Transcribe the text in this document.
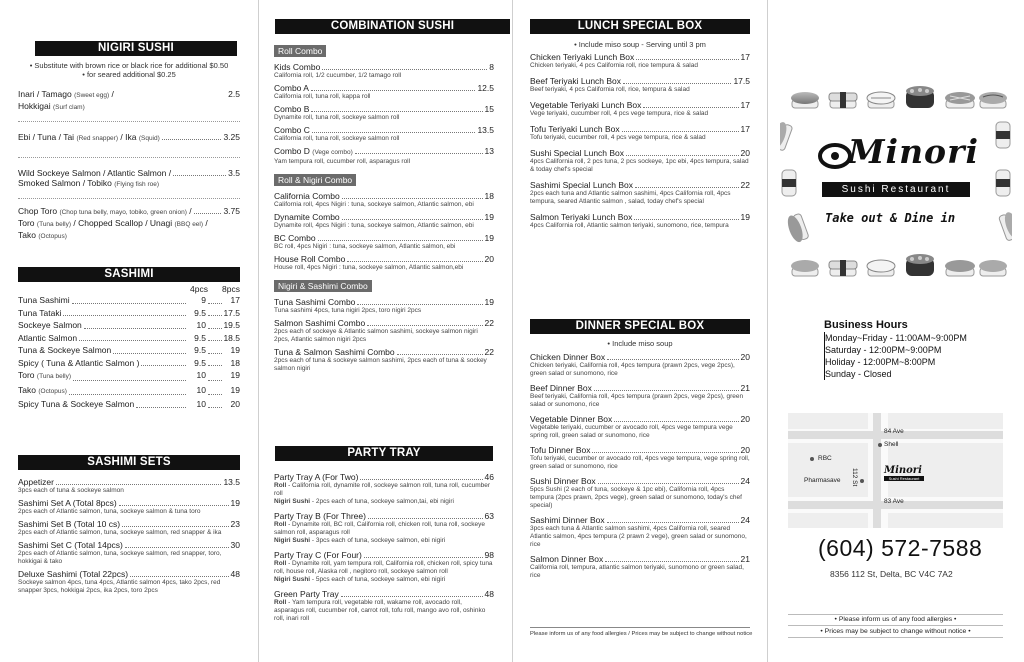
NIGIRI SUSHI
• Substitute with brown rice or black rice for additional $0.50
• for seared additional $0.25
Inari / Tamago (Sweet egg) /	2.5
Hokkigai (Surf clam)
Ebi / Tuna / Tai (Red snapper) / Ika (Squid)	3.25
Wild Sockeye Salmon / Atlantic Salmon /	3.5
Smoked Salmon / Tobiko (Flying fish roe)
Chop Toro (Chop tuna belly, mayo, tobiko, green onion) /	3.75
Toro (Tuna belly) / Chopped Scallop / Unagi (BBQ eel) /
Tako (Octopus)
SASHIMI
4pcs	8pcs
Tuna Sashimi	9	17
Tuna Tataki	9.5 17.5
Sockeye Salmon	10 19.5
Atlantic Salmon	9.5 18.5
Tuna & Sockeye Salmon	9.5	19
Spicy ( Tuna & Atlantic Salmon )	9.5	18
Toro (Tuna belly)	10	19
Tako (Octopus)	10	19
Spicy Tuna & Sockeye Salmon	10	20
SASHIMI SETS
Appetizer	13.5
3pcs each of tuna & sockeye salmon
Sashimi Set A (Total 8pcs)	19
2pcs each of Atlantic salmon, tuna, sockeye salmon & tuna toro
Sashimi Set B (Total 10 cs)	23
2pcs each of Atlantic salmon, tuna, sockeye salmon, red snapper & ika
Sashimi Set C (Total 14pcs)	30
2pcs each of Atlantic salmon, tuna, sockeye salmon, red snapper, toro, hokkigai & tako
Deluxe Sashimi (Total 22pcs)	48
Sockeye salmon 4pcs, tuna 4pcs, Atlantic salmon 4pcs, tako 2pcs, red snapper 3pcs, hokkigai 2pcs, ika 2pcs, toro 2pcs
COMBINATION SUSHI
Roll Combo
Kids Combo	8
California roll, 1/2 cucumber, 1/2 tamago roll
Combo A	12.5
California roll, tuna roll, kappa roll
Combo B	15
Dynamite roll, tuna roll, sockeye salmon roll
Combo C	13.5
California roll, tuna roll, sockeye salmon roll
Combo D (Vege combo)	13
Yam tempura roll, cucumber roll, asparagus roll
Roll & Nigiri Combo
California Combo	18
California roll, 4pcs Nigiri : tuna, sockeye salmon, Atlantic salmon, ebi
Dynamite Combo	19
Dynamite roll, 4pcs Nigiri : tuna, sockeye salmon, Atlantic salmon, ebi
BC Combo	19
BC roll, 4pcs Nigiri : tuna, sockeye salmon, Atlantic salmon, ebi
House Roll Combo	20
House roll, 4pcs Nigiri : tuna, sockeye salmon, Atlantic salmon,ebi
Nigiri & Sashimi Combo
Tuna Sashimi Combo	19
Tuna sashimi 4pcs, tuna nigiri 2pcs, toro nigiri 2pcs
Salmon Sashimi Combo	22
2pcs each of sockeye & Atlantic salmon sashimi, sockeye salmon nigiri 2pcs, Atlantic salmon nigiri 2pcs
Tuna & Salmon Sashimi Combo	22
2pcs each of tuna & sockeye salmon sashimi, 2pcs each of tuna & sockey salmon nigiri
PARTY TRAY
Party Tray A (For Two)	46
Roll - California roll, dynamite roll, sockeye salmon roll, tuna roll, cucumber roll
Nigiri Sushi - 2pcs each of tuna, sockeye salmon,tai, ebi nigiri
Party Tray B (For Three)	63
Roll - Dynamite roll, BC roll, California roll, chicken roll, tuna roll, sockeye salmon roll, asparagus roll
Nigiri Sushi - 3pcs each of tuna, sockeye salmon, ebi nigiri
Party Tray C (For Four)	98
Roll - Dynamite roll, yam tempura roll, California roll, chicken roll, spicy tuna roll, house roll, Alaska roll , negitoro roll, sockeye salmon roll
Nigiri Sushi - 5pcs each of tuna, sockeye salmon, ebi nigiri
Green Party Tray	48
Roll - Yam tempura roll, vegetable roll, wakame roll, avocado roll, asparagus roll, cucumber roll, carrot roll, tofu roll, mango avo roll, oshinko roll, inari roll
LUNCH SPECIAL BOX
• Include miso soup - Serving until 3 pm
Chicken Teriyaki Lunch Box	17
Chicken teriyaki, 4 pcs California roll, rice tempura & salad
Beef Teriyaki Lunch Box	17.5
Beef teriyaki, 4 pcs California roll, rice, tempura & salad
Vegetable Teriyaki Lunch Box	17
Vege teriyaki, cucumber roll, 4 pcs vege tempura, rice & salad
Tofu Teriyaki Lunch Box	17
Tofu teriyaki, cucumber roll, 4 pcs vege tempura, rice & salad
Sushi Special Lunch Box	20
4pcs California roll, 2 pcs tuna, 2 pcs sockeye, 1pc ebi, 4pcs tempura, salad & today chef's special
Sashimi Special Lunch Box	22
2pcs each tuna and Atlantic salmon sashimi, 4pcs California roll, 4pcs tempura, seared Atlantic salmon , salad, today chef's special
Salmon Teriyaki Lunch Box	19
4pcs California roll, Atlantic salmon teriyaki, sunomono, rice, tempura
DINNER SPECIAL BOX
• Include miso soup
Chicken Dinner Box	20
Chicken teriyaki, California roll, 4pcs tempura (prawn 2pcs, vege 2pcs), green salad or sunomono, rice
Beef Dinner Box	21
Beef teriyaki, California roll, 4pcs tempura (prawn 2pcs, vege 2pcs), green salad or sunomono, rice
Vegetable Dinner Box	20
Vegetable teriyaki, cucumber or avocado roll, 4pcs vege tempura vege spring roll, green salad or sunomono, rice
Tofu Dinner Box	20
Tofu teriyaki, cucumber or avocado roll, 4pcs vege tempura, vege spring roll, green salad or sunomono, rice
Sushi Dinner Box	24
5pcs Sushi (2 each of tuna, sockeye & 1pc ebi), California roll, 4pcs tempura (2pcs prawn, 2pcs vege), green salad or sunomono, today's chef special)
Sashimi Dinner Box	24
3pcs each tuna & Atlantic salmon sashimi, 4pcs California roll, seared Atlantic salmon, 4pcs tempura (2 prawn 2 vege), green salad or sunomono, rice
Salmon Dinner Box	21
California roll, tempura, atlantic salmon teriyaki, sunomono or green salad, rice
Please inform us of any food allergies / Prices may be subject to change without notice
Minori
Sushi Restaurant
Take out & Dine in
Business Hours
Monday~Friday - 11:00AM~9:00PM
Saturday - 12:00PM~9:00PM
Holiday - 12:00PM~8:00PM
Sunday - Closed
84 Ave
83 Ave
112 St
Shell
RBC
Pharmasave
Minori
Sushi Restaurant
(604) 572-7588
8356 112 St, Delta, BC V4C 7A2
• Please inform us of any food allergies •
• Prices may be subject to change without notice •
